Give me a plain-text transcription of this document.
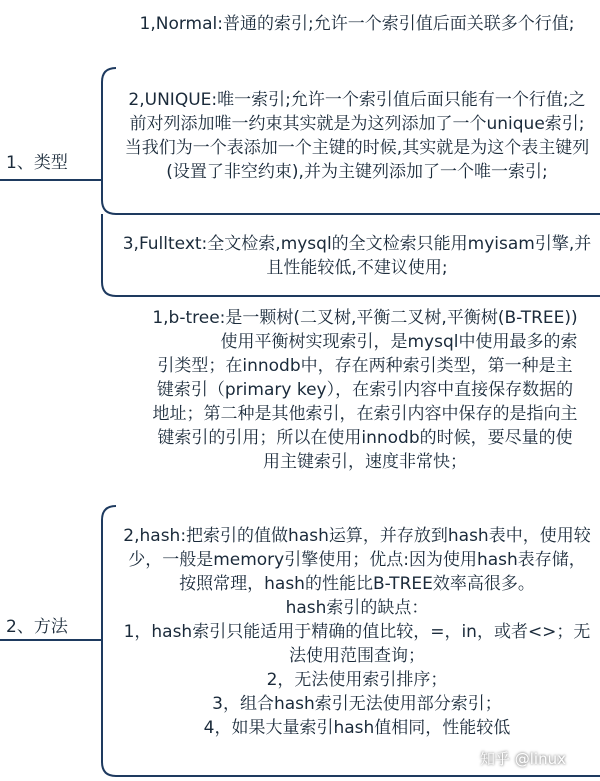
1、类型
2、方法

1,Normal:普通的索引;允许一个索引值后面关联多个行值;

2,UNIQUE:唯一索引;允许一个索引值后面只能有一个行值;之前对列添加唯一约束其实就是为这列添加了一个unique索引;当我们为一个表添加一个主键的时候,其实就是为这个表主键列(设置了非空约束),并为主键列添加了一个唯一索引;

3,Fulltext:全文检索,mysql的全文检索只能用myisam引擎,并且性能较低,不建议使用;

1,b-tree:是一颗树(二叉树,平衡二叉树,平衡树(B-TREE))

使用平衡树实现索引，是mysql中使用最多的索引类型；在innodb中，存在两种索引类型，第一种是主键索引（primary key），在索引内容中直接保存数据的地址；第二种是其他索引，在索引内容中保存的是指向主键索引的引用；所以在使用innodb的时候，要尽量的使用主键索引，速度非常快；

2,hash:把索引的值做hash运算，并存放到hash表中，使用较少，一般是memory引擎使用；优点:因为使用hash表存储，按照常理，hash的性能比B-TREE效率高很多。

hash索引的缺点：

1，hash索引只能适用于精确的值比较，=，in，或者<>；无法使用范围查询；

2，无法使用索引排序；

3，组合hash索引无法使用部分索引；

4，如果大量索引hash值相同，性能较低

知乎 @linux
